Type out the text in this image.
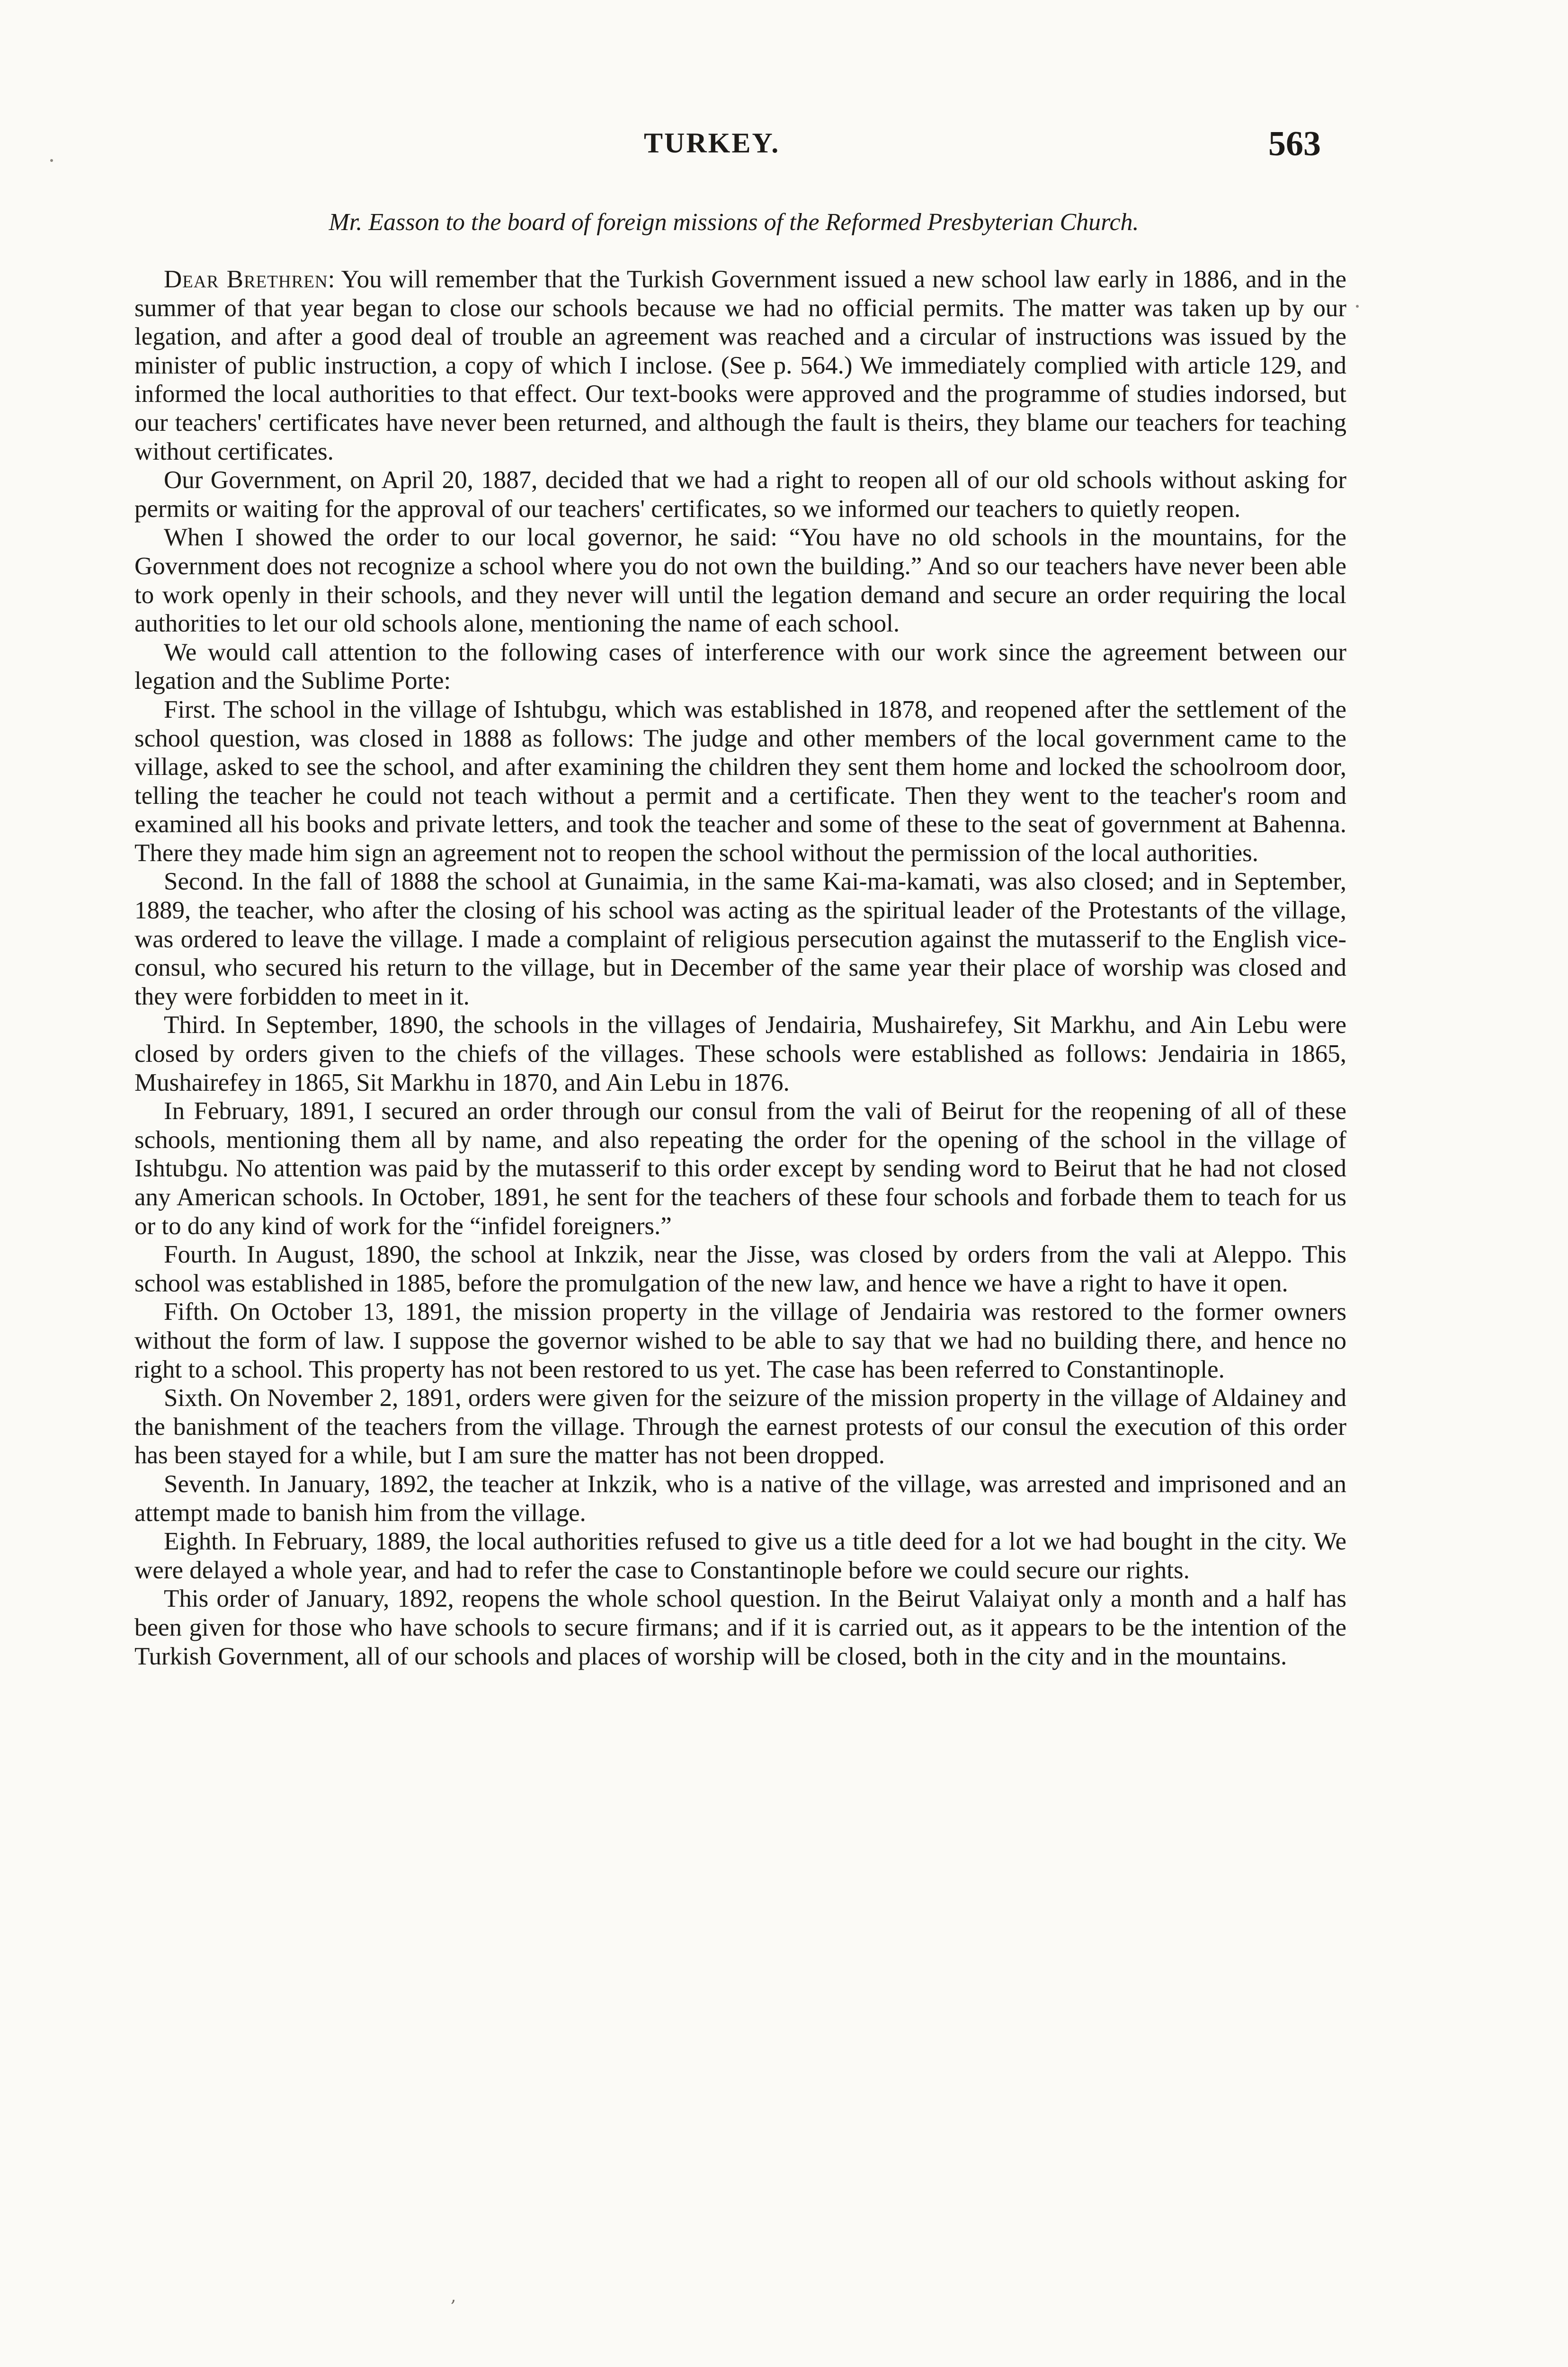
TURKEY.	563
Mr. Easson to the board of foreign missions of the Reformed Presbyterian Church.

Dear Brethren: You will remember that the Turkish Government issued a new school law early in 1886, and in the summer of that year began to close our schools because we had no official permits. The matter was taken up by our legation, and after a good deal of trouble an agreement was reached and a circular of instructions was issued by the minister of public instruction, a copy of which I inclose. (See p. 564.) We immediately complied with article 129, and informed the local authorities to that effect. Our text-books were approved and the programme of studies indorsed, but our teachers' certificates have never been returned, and although the fault is theirs, they blame our teachers for teaching without certificates.

Our Government, on April 20, 1887, decided that we had a right to reopen all of our old schools without asking for permits or waiting for the approval of our teachers' certificates, so we informed our teachers to quietly reopen.

When I showed the order to our local governor, he said: “You have no old schools in the mountains, for the Government does not recognize a school where you do not own the building.” And so our teachers have never been able to work openly in their schools, and they never will until the legation demand and secure an order requiring the local authorities to let our old schools alone, mentioning the name of each school.

We would call attention to the following cases of interference with our work since the agreement between our legation and the Sublime Porte:

First. The school in the village of Ishtubgu, which was established in 1878, and reopened after the settlement of the school question, was closed in 1888 as follows: The judge and other members of the local government came to the village, asked to see the school, and after examining the children they sent them home and locked the schoolroom door, telling the teacher he could not teach without a permit and a certificate. Then they went to the teacher's room and examined all his books and private letters, and took the teacher and some of these to the seat of government at Bahenna. There they made him sign an agreement not to reopen the school without the permission of the local authorities.

Second. In the fall of 1888 the school at Gunaimia, in the same Kai-ma-kamati, was also closed; and in September, 1889, the teacher, who after the closing of his school was acting as the spiritual leader of the Protestants of the village, was ordered to leave the village. I made a complaint of religious persecution against the mutasserif to the English vice-consul, who secured his return to the village, but in December of the same year their place of worship was closed and they were forbidden to meet in it.

Third. In September, 1890, the schools in the villages of Jendairia, Mushairefey, Sit Markhu, and Ain Lebu were closed by orders given to the chiefs of the villages. These schools were established as follows: Jendairia in 1865, Mushairefey in 1865, Sit Markhu in 1870, and Ain Lebu in 1876.

In February, 1891, I secured an order through our consul from the vali of Beirut for the reopening of all of these schools, mentioning them all by name, and also repeating the order for the opening of the school in the village of Ishtubgu. No attention was paid by the mutasserif to this order except by sending word to Beirut that he had not closed any American schools. In October, 1891, he sent for the teachers of these four schools and forbade them to teach for us or to do any kind of work for the “infidel foreigners.”

Fourth. In August, 1890, the school at Inkzik, near the Jisse, was closed by orders from the vali at Aleppo. This school was established in 1885, before the promulgation of the new law, and hence we have a right to have it open.

Fifth. On October 13, 1891, the mission property in the village of Jendairia was restored to the former owners without the form of law. I suppose the governor wished to be able to say that we had no building there, and hence no right to a school. This property has not been restored to us yet. The case has been referred to Constantinople.

Sixth. On November 2, 1891, orders were given for the seizure of the mission property in the village of Aldainey and the banishment of the teachers from the village. Through the earnest protests of our consul the execution of this order has been stayed for a while, but I am sure the matter has not been dropped.

Seventh. In January, 1892, the teacher at Inkzik, who is a native of the village, was arrested and imprisoned and an attempt made to banish him from the village.

Eighth. In February, 1889, the local authorities refused to give us a title deed for a lot we had bought in the city. We were delayed a whole year, and had to refer the case to Constantinople before we could secure our rights.

This order of January, 1892, reopens the whole school question. In the Beirut Valaiyat only a month and a half has been given for those who have schools to secure firmans; and if it is carried out, as it appears to be the intention of the Turkish Government, all of our schools and places of worship will be closed, both in the city and in the mountains.

,
